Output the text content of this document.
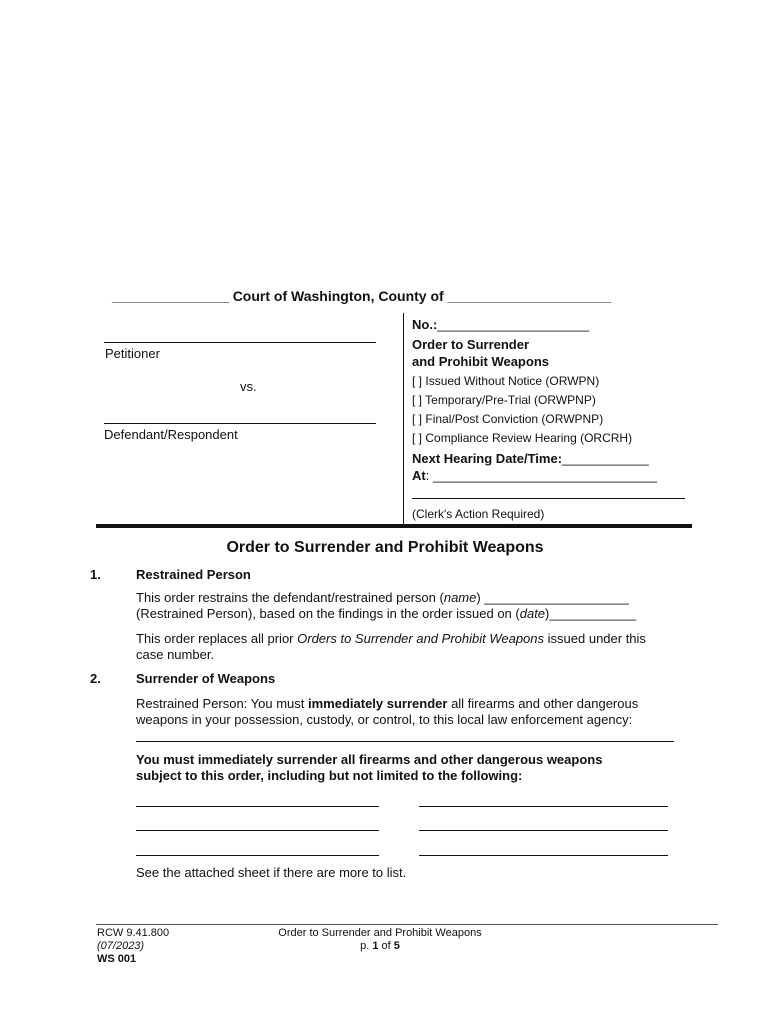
_______________ Court of Washington, County of _____________________
Petitioner
vs.
Defendant/Respondent
No.:_____________________
Order to Surrender
and Prohibit Weapons
[ ] Issued Without Notice (ORWPN)
[ ] Temporary/Pre-Trial (ORWPNP)
[ ] Final/Post Conviction (ORWPNP)
[ ] Compliance Review Hearing (ORCRH)
Next Hearing Date/Time:____________
At: _______________________________
(Clerk's Action Required)
Order to Surrender and Prohibit Weapons
1.	Restrained Person
This order restrains the defendant/restrained person (name) ____________________
(Restrained Person), based on the findings in the order issued on (date)____________
This order replaces all prior Orders to Surrender and Prohibit Weapons issued under this
case number.
2.	Surrender of Weapons
Restrained Person: You must immediately surrender all firearms and other dangerous
weapons in your possession, custody, or control, to this local law enforcement agency:
You must immediately surrender all firearms and other dangerous weapons
subject to this order, including but not limited to the following:
See the attached sheet if there are more to list.
RCW 9.41.800
(07/2023)
WS 001
Order to Surrender and Prohibit Weapons
p. 1 of 5
